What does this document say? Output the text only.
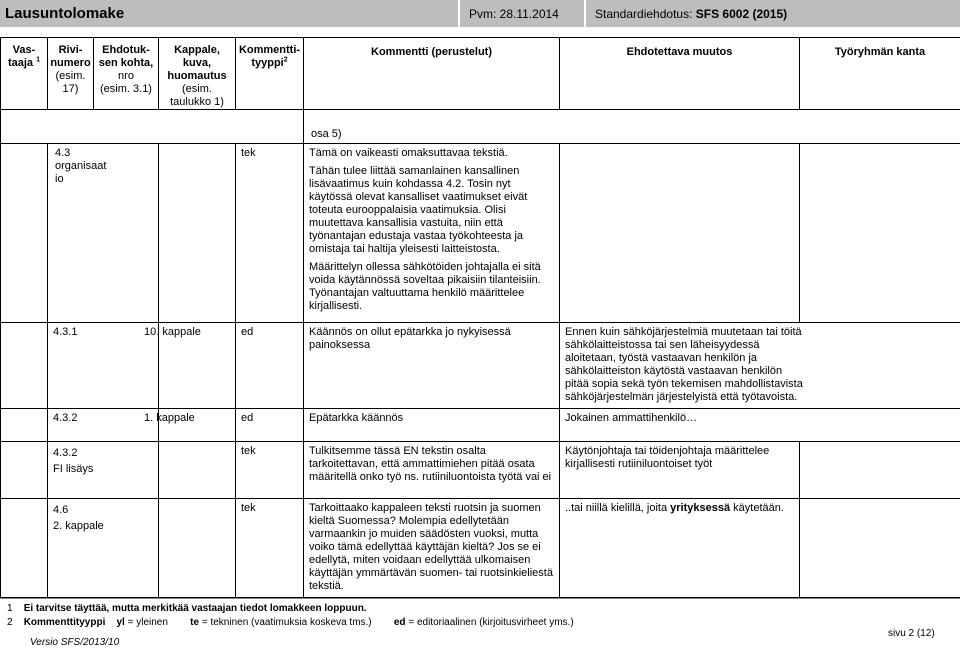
Lausuntolomake	Pvm: 28.11.2014	Standardiehdotus: SFS 6002 (2015)
Vas-
taaja $^1$	Rivi-
numero
(esim. 17)	Ehdotuk-
sen kohta,
nro
(esim. 3.1)	Kappale,
kuva,
huomautus
(esim.
taulukko 1)	Kommentti-
tyyppi$^2$	Kommentti (perustelut)	Ehdotettava muutos	Työryhmän kanta

osa 5)							

	4.3 organisaat io			tek	Tämä on vaikeasti omaksuttavaa tekstiä.

Tähän tulee liittää samanlainen kansallinen lisävaatimus kuin kohdassa 4.2. Tosin nyt käytössä olevat kansalliset vaatimukset eivät toteuta eurooppalaisia vaatimuksia. Olisi muutettava kansallisia vastuita, niin että työnantajan edustaja vastaa työkohteesta ja omistaja tai haltija yleisesti laitteistosta.

Määrittelyn ollessa sähkötöiden johtajalla ei sitä voida käytännössä soveltaa pikaisiin tilanteisiin. Työnantajan valtuuttama henkilö määrittelee kirjallisesti.		

	4.3.1		10. kappale	ed	Käännös on ollut epätarkka jo nykyisessä painoksessa	Ennen kuin sähköjärjestelmiä muutetaan tai töitä sähkölaitteistossa tai sen läheisyydessä aloitetaan, työstä vastaavan henkilön ja sähkölaitteiston käytöstä vastaavan henkilön pitää sopia sekä työn tekemisen mahdollistavista sähköjärjestelmän järjestelyistä että työtavoista.	

	4.3.2		1. kappale	ed	Epätarkka käännös	Jokainen ammattihenkilö…	

	4.3.2
FI lisäys			tek	Tulkitsemme tässä EN tekstin osalta tarkoitettavan, että ammattimiehen pitää osata määritellä onko työ ns. rutiiniluontoista työtä vai ei	Käytönjohtaja tai töidenjohtaja määrittelee kirjallisesti rutiiniluontoiset työt	

	4.6
2. kappale			tek	Tarkoittaako kappaleen teksti ruotsin ja suomen kieltä Suomessa? Molempia edellytetään varmaankin jo muiden säädösten vuoksi, mutta voiko tämä edellyttää käyttäjän kieltä? Jos se ei edellytä, miten voidaan edellyttää ulkomaisen käyttäjän ymmärtävän suomen- tai ruotsinkieliestä tekstiä.	..tai niillä kielillä, joita yrityksessä käytetään.	
1 Ei tarvitse täyttää, mutta merkitkää vastaajan tiedot lomakkeen loppuun.
2 Kommenttityyppi yl = yleinen te = tekninen (vaatimuksia koskeva tms.) ed = editoriaalinen (kirjoitusvirheet yms.)
Versio SFS/2013/10
sivu 2 (12)
